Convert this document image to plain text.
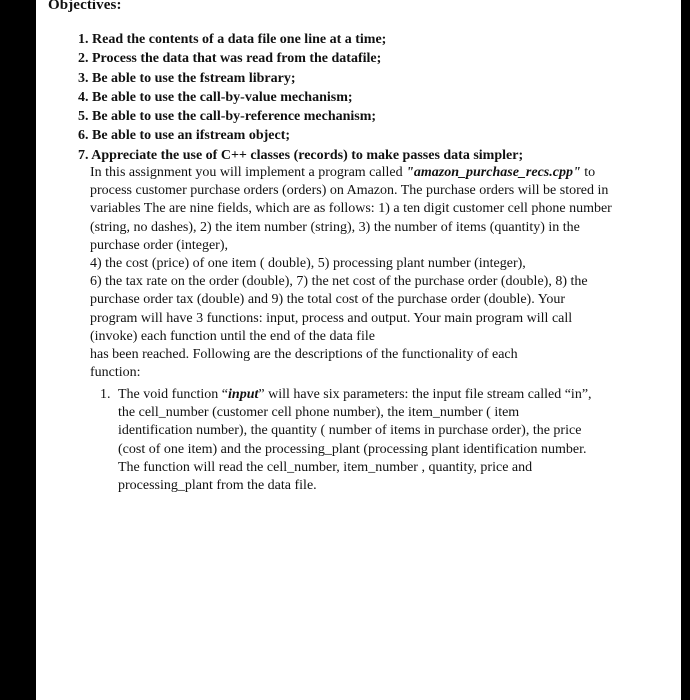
Objectives:
1. Read the contents of a data file one line at a time;
2. Process the data that was read from the datafile;
3. Be able to use the fstream library;
4. Be able to use the call-by-value mechanism;
5. Be able to use the call-by-reference mechanism;
6. Be able to use an ifstream object;
7. Appreciate the use of C++ classes (records) to make passes data simpler;
In this assignment you will implement a program called "amazon_purchase_recs.cpp" to
process customer purchase orders (orders) on Amazon. The purchase orders will be stored in
variables The are nine fields, which are as follows: 1) a ten digit customer cell phone number
(string, no dashes), 2) the item number (string), 3) the number of items (quantity) in the
purchase order (integer),
4) the cost (price) of one item ( double), 5) processing plant number (integer),
6) the tax rate on the order (double), 7) the net cost of the purchase order (double), 8) the
purchase order tax (double) and 9) the total cost of the purchase order (double). Your
program will have 3 functions: input, process and output. Your main program will call
(invoke) each function until the end of the data file
has been reached. Following are the descriptions of the functionality of each
function:
1. The void function “input” will have six parameters: the input file stream called “in”,
the cell_number (customer cell phone number), the item_number ( item
identification number), the quantity ( number of items in purchase order), the price
(cost of one item) and the processing_plant (processing plant identification number.
The function will read the cell_number, item_number , quantity, price and
processing_plant from the data file.
